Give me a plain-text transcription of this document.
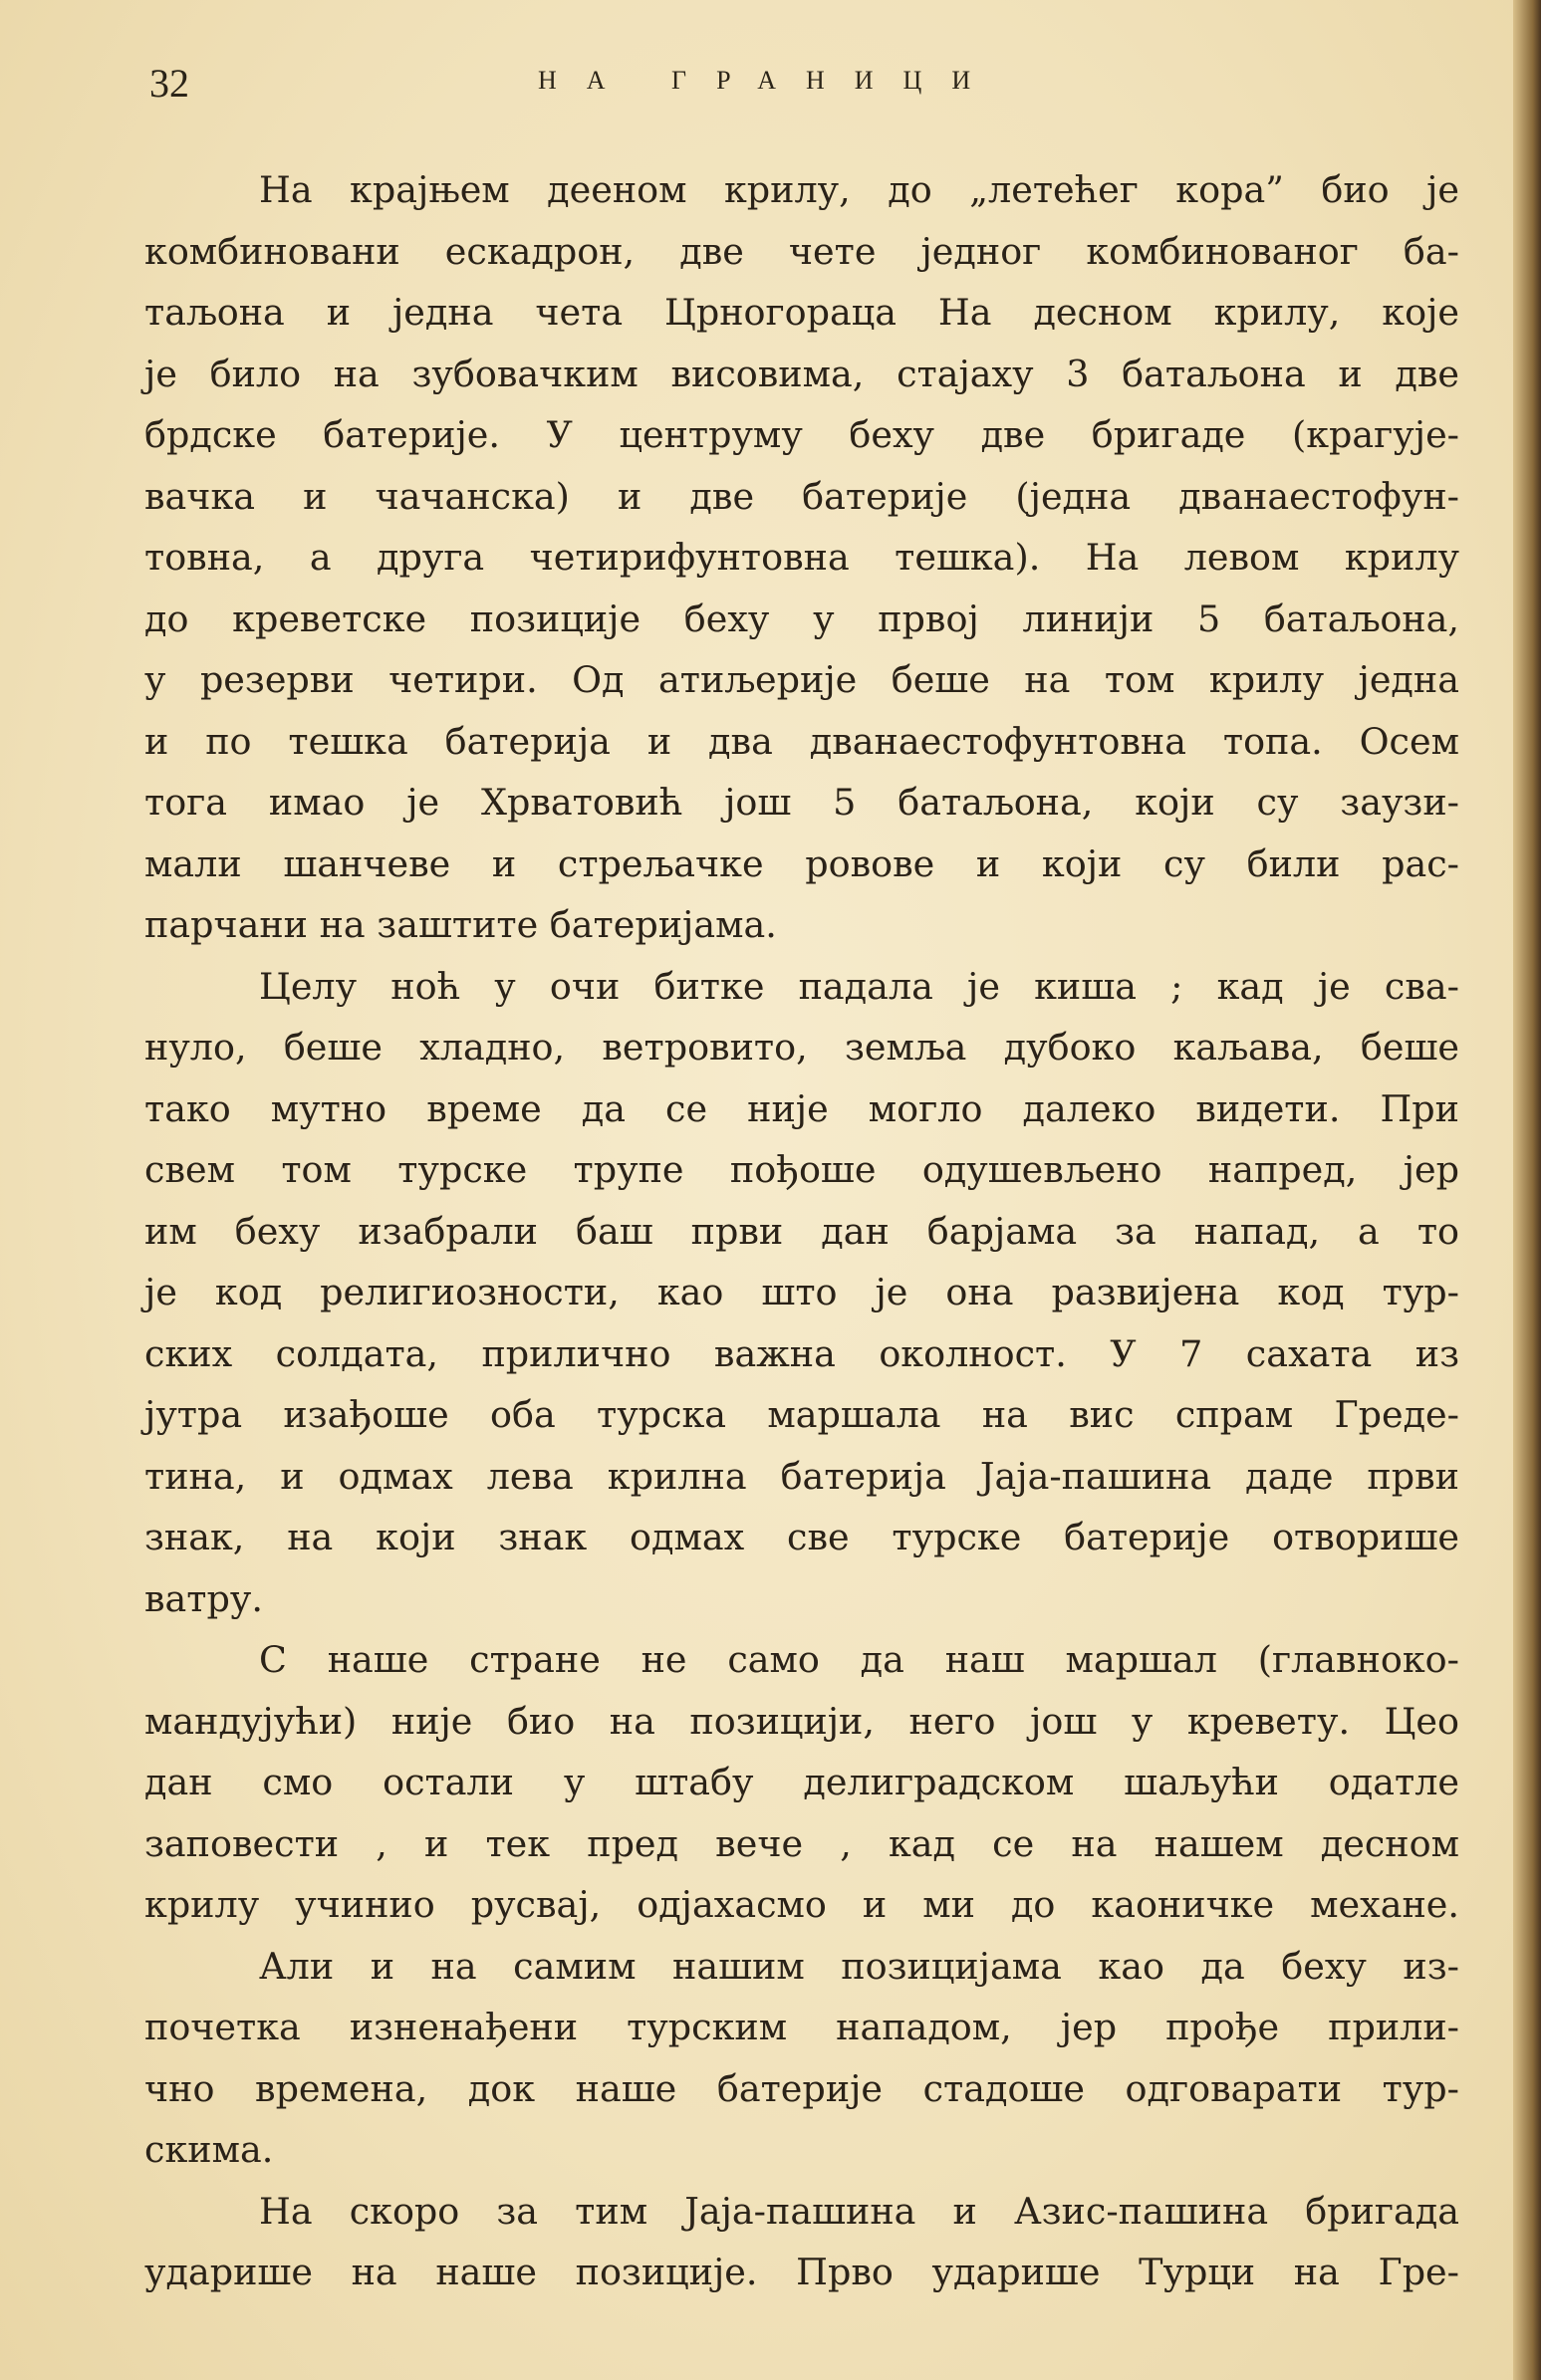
32	НА ГРАНИЦИ
На крајњем дееном крилу, до „летећег кора” био је
комбиновани ескадрон, две чете једног комбинованог ба-
таљона и једна чета Црногораца На десном крилу, које
је било на зубовачким висовима, стајаху 3 батаљона и две
брдске батерије. У центруму беху две бригаде (крагује-
вачка и чачанска) и две батерије (једна дванаестофун-
товна, а друга четирифунтовна тешка). На левом крилу
до креветске позиције беху у првој линији 5 батаљона,
у резерви четири. Од атиљерије беше на том крилу једна
и по тешка батерија и два дванаестофунтовна топа. Осем
тога имао је Хрватовић још 5 батаљона, који су заузи-
мали шанчеве и стрељачке ровове и који су били рас-
парчани на заштите батеријама.
Целу ноћ у очи битке падала је киша ; кад је сва-
нуло, беше хладно, ветровито, земља дубоко каљава, беше
тако мутно време да се није могло далеко видети. При
свем том турске трупе пођоше одушевљено напред, јер
им беху изабрали баш први дан барјама за напад, а то
је код религиозности, као што је она развијена код тур-
ских солдата, прилично важна околност. У 7 сахата из
јутра изађоше оба турска маршала на вис спрам Греде-
тина, и одмах лева крилна батерија Јаја-пашина даде први
знак, на који знак одмах све турске батерије отворише
ватру.
С наше стране не само да наш маршал (главноко-
мандујући) није био на позицији, него још у кревету. Цео
дан смо остали у штабу делиградском шаљући одатле
заповести , и тек пред вече , кад се на нашем десном
крилу учинио русвај, одјахасмо и ми до каоничке механе.
Али и на самим нашим позицијама као да беху из-
почетка изненађени турским нападом, јер прође прили-
чно времена, док наше батерије стадоше одговарати тур-
скима.
На скоро за тим Јаја-пашина и Азис-пашина бригада
ударише на наше позиције. Прво ударише Турци на Гре-
